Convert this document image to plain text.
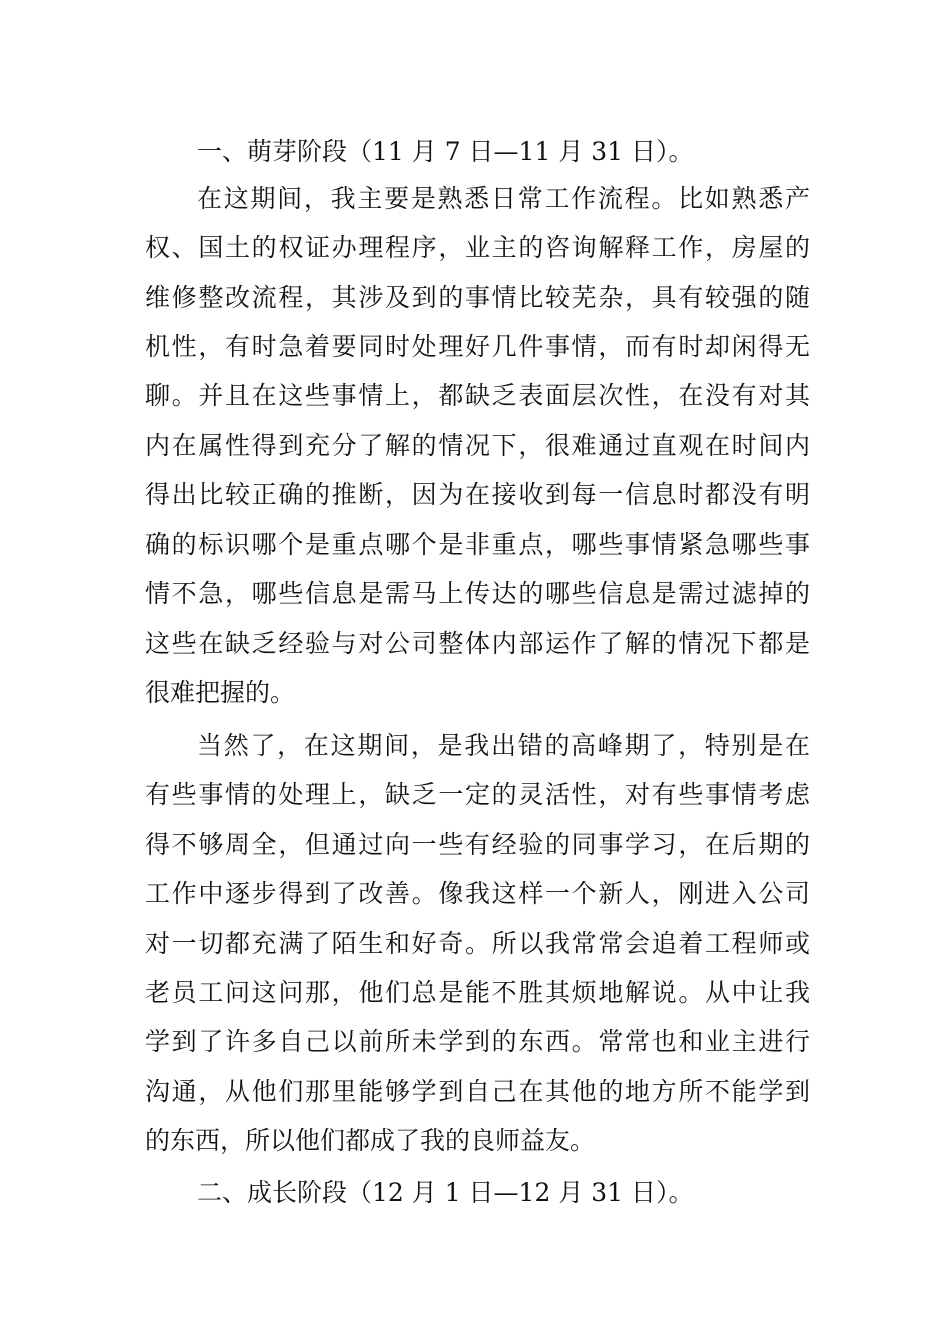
一、萌芽阶段（11 月 7 日—11 月 31 日）。
在这期间，我主要是熟悉日常工作流程。比如熟悉产
权、国土的权证办理程序，业主的咨询解释工作，房屋的
维修整改流程，其涉及到的事情比较芜杂，具有较强的随
机性，有时急着要同时处理好几件事情，而有时却闲得无
聊。并且在这些事情上，都缺乏表面层次性，在没有对其
内在属性得到充分了解的情况下，很难通过直观在时间内
得出比较正确的推断，因为在接收到每一信息时都没有明
确的标识哪个是重点哪个是非重点，哪些事情紧急哪些事
情不急，哪些信息是需马上传达的哪些信息是需过滤掉的
这些在缺乏经验与对公司整体内部运作了解的情况下都是
很难把握的。
当然了，在这期间，是我出错的高峰期了，特别是在
有些事情的处理上，缺乏一定的灵活性，对有些事情考虑
得不够周全，但通过向一些有经验的同事学习，在后期的
工作中逐步得到了改善。像我这样一个新人，刚进入公司
对一切都充满了陌生和好奇。所以我常常会追着工程师或
老员工问这问那，他们总是能不胜其烦地解说。从中让我
学到了许多自己以前所未学到的东西。常常也和业主进行
沟通，从他们那里能够学到自己在其他的地方所不能学到
的东西，所以他们都成了我的良师益友。
二、成长阶段（12 月 1 日—12 月 31 日）。
